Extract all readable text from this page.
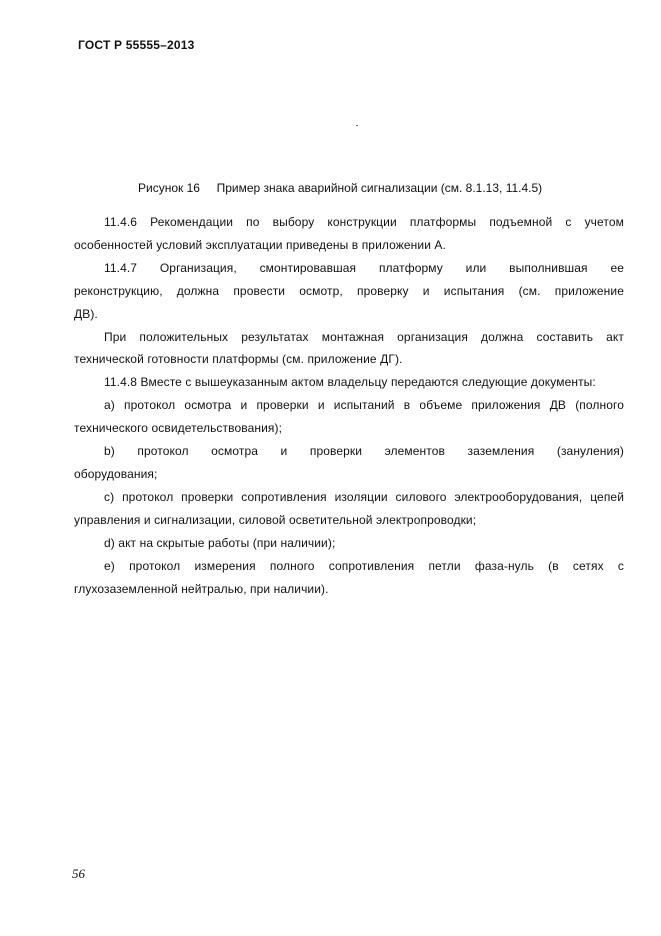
ГОСТ Р 55555–2013
Рисунок 16     Пример знака аварийной сигнализации (см. 8.1.13, 11.4.5)

11.4.6 Рекомендации по выбору конструкции платформы подъемной с учетом особенностей условий эксплуатации приведены в приложении А.

11.4.7 Организация, смонтировавшая платформу или выполнившая ее реконструкцию, должна провести осмотр, проверку и испытания (см. приложение ДВ).

При положительных результатах монтажная организация должна составить акт технической готовности платформы (см. приложение ДГ).

11.4.8 Вместе с вышеуказанным актом владельцу передаются следующие документы:

а) протокол осмотра и проверки и испытаний в объеме приложения ДВ (полного технического освидетельствования);

b) протокол осмотра и проверки элементов заземления (зануления) оборудования;

с) протокол проверки сопротивления изоляции силового электрооборудования, цепей управления и сигнализации, силовой осветительной электропроводки;

d) акт на скрытые работы (при наличии);

е) протокол измерения полного сопротивления петли фаза-нуль (в сетях с глухозаземленной нейтралью, при наличии).

56
